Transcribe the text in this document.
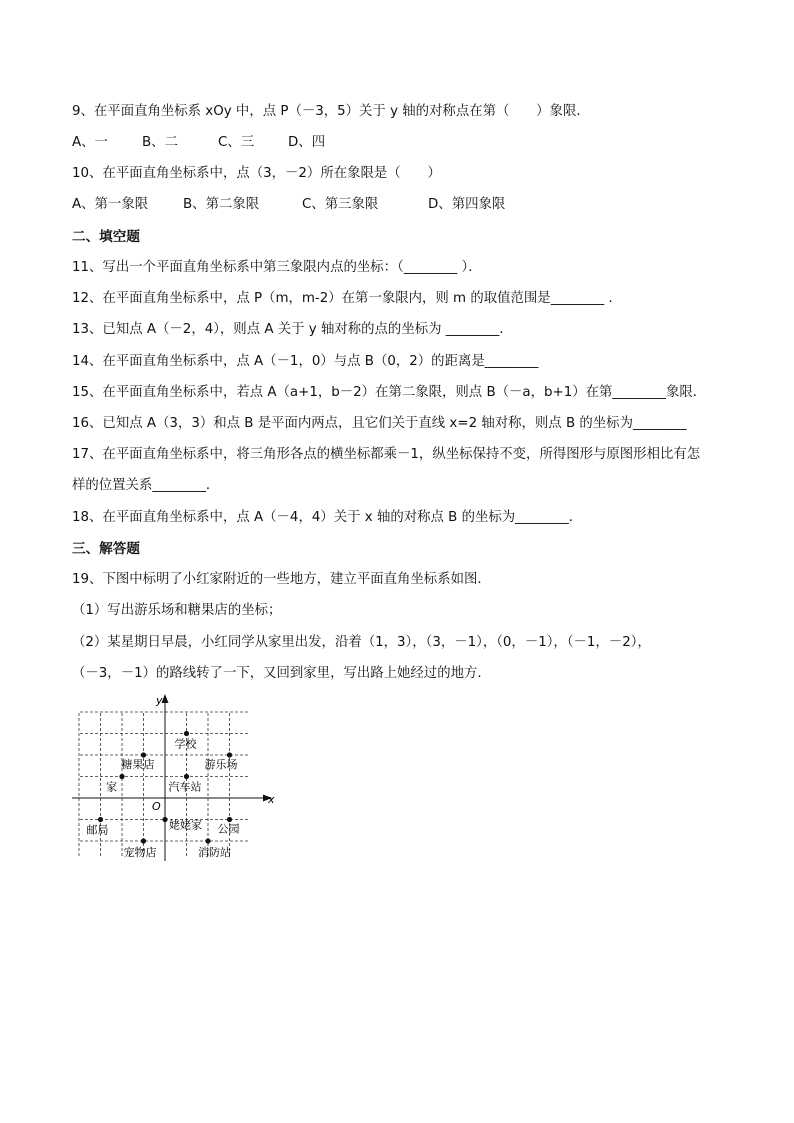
9、在平面直角坐标系 xOy 中，点 P（－3，5）关于 y 轴的对称点在第（　　）象限．
A、一	B、二	C、三	D、四
10、在平面直角坐标系中，点（3，－2）所在象限是（　　）
A、第一象限	B、第二象限	C、第三象限	D、第四象限
二、填空题
11、写出一个平面直角坐标系中第三象限内点的坐标：（________ ）．
12、在平面直角坐标系中，点 P（m，m-2）在第一象限内，则 m 的取值范围是________ ．
13、已知点 A（－2，4），则点 A 关于 y 轴对称的点的坐标为 ________．
14、在平面直角坐标系中，点 A（－1，0）与点 B（0，2）的距离是________
15、在平面直角坐标系中，若点 A（a+1，b－2）在第二象限，则点 B（－a，b+1）在第________象限．
16、已知点 A（3，3）和点 B 是平面内两点，且它们关于直线 x=2 轴对称，则点 B 的坐标为________
17、在平面直角坐标系中，将三角形各点的横坐标都乘－1，纵坐标保持不变，所得图形与原图形相比有怎
样的位置关系________．
18、在平面直角坐标系中，点 A（－4，4）关于 x 轴的对称点 B 的坐标为________．
三、解答题
19、下图中标明了小红家附近的一些地方，建立平面直角坐标系如图．
（1）写出游乐场和糖果店的坐标；
（2）某星期日早晨，小红同学从家里出发，沿着（1，3），（3，－1），（0，－1），（－1，－2），
（－3，－1）的路线转了一下，又回到家里，写出路上她经过的地方．
x
y
O
学校
糖果店	游乐场
家	汽车站
邮局	姥姥家 公园
宠物店	消防站
